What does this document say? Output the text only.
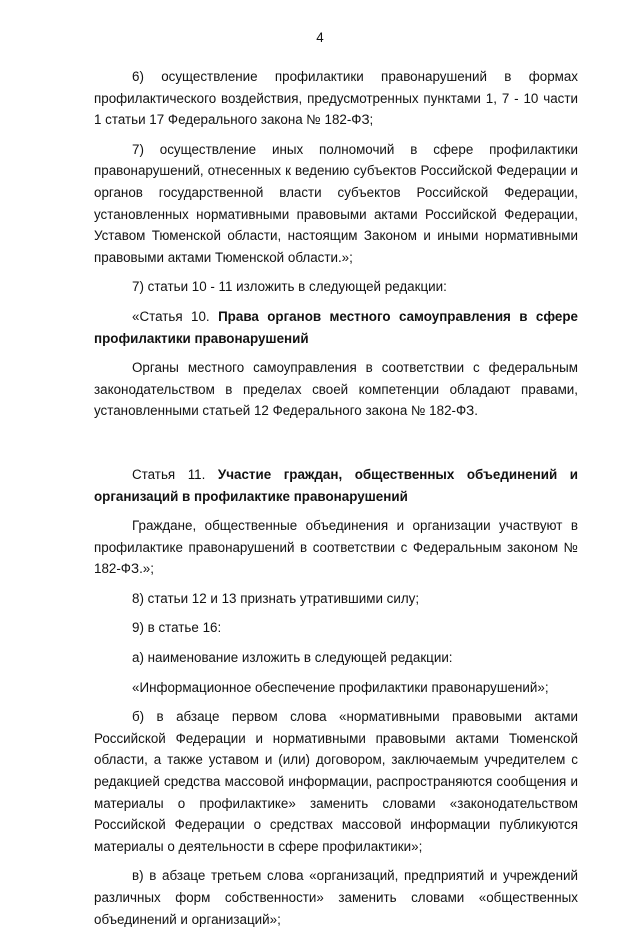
4

6) осуществление профилактики правонарушений в формах профилактического воздействия, предусмотренных пунктами 1, 7 - 10 части 1 статьи 17 Федерального закона № 182-ФЗ;

7) осуществление иных полномочий в сфере профилактики правонарушений, отнесенных к ведению субъектов Российской Федерации и органов государственной власти субъектов Российской Федерации, установленных нормативными правовыми актами Российской Федерации, Уставом Тюменской области, настоящим Законом и иными нормативными правовыми актами Тюменской области.»;

7) статьи 10 - 11 изложить в следующей редакции:

«Статья 10. Права органов местного самоуправления в сфере профилактики правонарушений

Органы местного самоуправления в соответствии с федеральным законодательством в пределах своей компетенции обладают правами, установленными статьей 12 Федерального закона № 182-ФЗ.

Статья 11. Участие граждан, общественных объединений и организаций в профилактике правонарушений

Граждане, общественные объединения и организации участвуют в профилактике правонарушений в соответствии с Федеральным законом № 182-ФЗ.»;

8) статьи 12 и 13 признать утратившими силу;

9) в статье 16:

а) наименование изложить в следующей редакции:

«Информационное обеспечение профилактики правонарушений»;

б) в абзаце первом слова «нормативными правовыми актами Российской Федерации и нормативными правовыми актами Тюменской области, а также уставом и (или) договором, заключаемым учредителем с редакцией средства массовой информации, распространяются сообщения и материалы о профилактике» заменить словами «законодательством Российской Федерации о средствах массовой информации публикуются материалы о деятельности в сфере профилактики»;

в) в абзаце третьем слова «организаций, предприятий и учреждений различных форм собственности» заменить словами «общественных объединений и организаций»;
